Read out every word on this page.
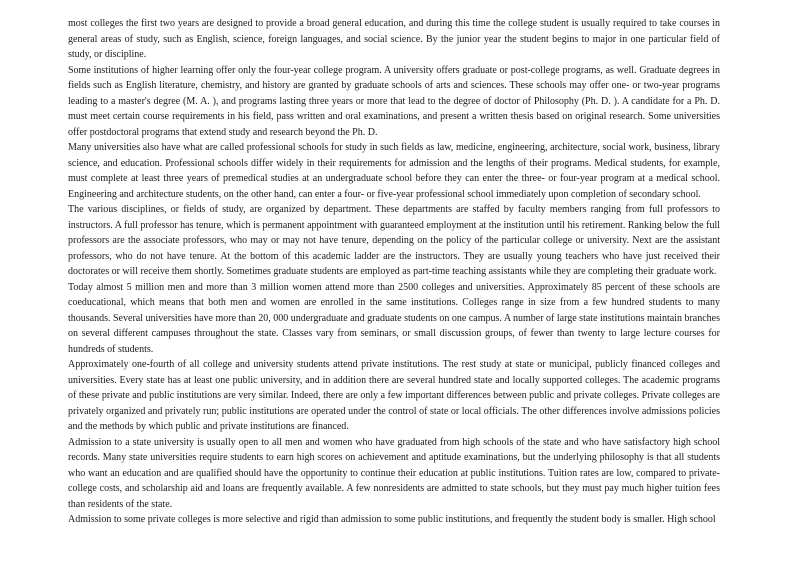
most colleges the first two years are designed to provide a broad general education, and during this time the college student is usually required to take courses in general areas of study, such as English, science, foreign languages, and social science. By the junior year the student begins to major in one particular field of study, or discipline.

Some institutions of higher learning offer only the four-year college program. A university offers graduate or post-college programs, as well. Graduate degrees in fields such as English literature, chemistry, and history are granted by graduate schools of arts and sciences. These schools may offer one- or two-year programs leading to a master's degree (M. A. ), and programs lasting three years or more that lead to the degree of doctor of Philosophy (Ph. D. ). A candidate for a Ph. D. must meet certain course requirements in his field, pass written and oral examinations, and present a written thesis based on original research. Some universities offer postdoctoral programs that extend study and research beyond the Ph. D.

Many universities also have what are called professional schools for study in such fields as law, medicine, engineering, architecture, social work, business, library science, and education. Professional schools differ widely in their requirements for admission and the lengths of their programs. Medical students, for example, must complete at least three years of premedical studies at an undergraduate school before they can enter the three- or four-year program at a medical school. Engineering and architecture students, on the other hand, can enter a four- or five-year professional school immediately upon completion of secondary school.

The various disciplines, or fields of study, are organized by department. These departments are staffed by faculty members ranging from full professors to instructors. A full professor has tenure, which is permanent appointment with guaranteed employment at the institution until his retirement. Ranking below the full professors are the associate professors, who may or may not have tenure, depending on the policy of the particular college or university. Next are the assistant professors, who do not have tenure. At the bottom of this academic ladder are the instructors. They are usually young teachers who have just received their doctorates or will receive them shortly. Sometimes graduate students are employed as part-time teaching assistants while they are completing their graduate work.

Today almost 5 million men and more than 3 million women attend more than 2500 colleges and universities. Approximately 85 percent of these schools are coeducational, which means that both men and women are enrolled in the same institutions. Colleges range in size from a few hundred students to many thousands. Several universities have more than 20, 000 undergraduate and graduate students on one campus. A number of large state institutions maintain branches on several different campuses throughout the state. Classes vary from seminars, or small discussion groups, of fewer than twenty to large lecture courses for hundreds of students.

Approximately one-fourth of all college and university students attend private institutions. The rest study at state or municipal, publicly financed colleges and universities. Every state has at least one public university, and in addition there are several hundred state and locally supported colleges. The academic programs of these private and public institutions are very similar. Indeed, there are only a few important differences between public and private colleges. Private colleges are privately organized and privately run; public institutions are operated under the control of state or local officials. The other differences involve admissions policies and the methods by which public and private institutions are financed.

Admission to a state university is usually open to all men and women who have graduated from high schools of the state and who have satisfactory high school records. Many state universities require students to earn high scores on achievement and aptitude examinations, but the underlying philosophy is that all students who want an education and are qualified should have the opportunity to continue their education at public institutions. Tuition rates are low, compared to private-college costs, and scholarship aid and loans are frequently available. A few nonresidents are admitted to state schools, but they must pay much higher tuition fees than residents of the state.

Admission to some private colleges is more selective and rigid than admission to some public institutions, and frequently the student body is smaller. High school
